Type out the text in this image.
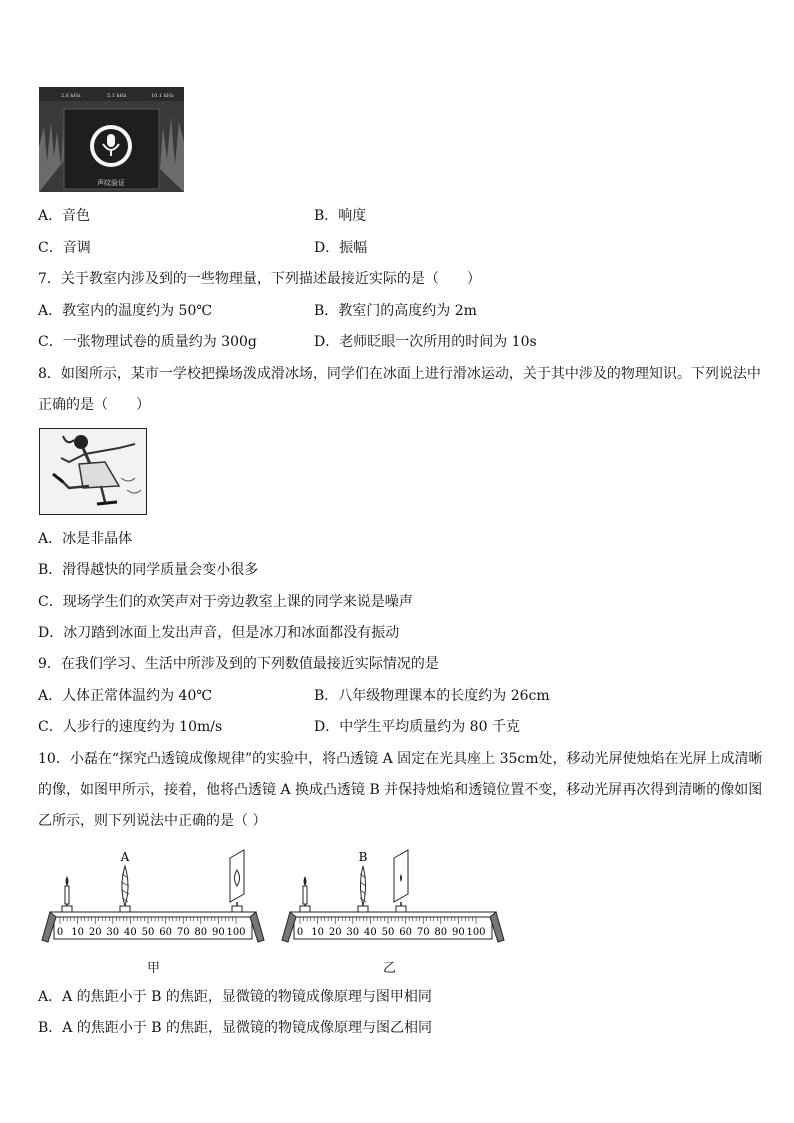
2.6 kHz	5.1 kHz	10.1 kHz
声纹验证
A．音色	B．响度
C．音调	D．振幅
7．关于教室内涉及到的一些物理量，下列描述最接近实际的是（　　）
A．教室内的温度约为 50℃	B．教室门的高度约为 2m
C．一张物理试卷的质量约为 300g	D．老师眨眼一次所用的时间为 10s
8．如图所示，某市一学校把操场泼成滑冰场，同学们在冰面上进行滑冰运动，关于其中涉及的物理知识。下列说法中
正确的是（　　）
A．冰是非晶体
B．滑得越快的同学质量会变小很多
C．现场学生们的欢笑声对于旁边教室上课的同学来说是噪声
D．冰刀踏到冰面上发出声音，但是冰刀和冰面都没有振动
9．在我们学习、生活中所涉及到的下列数值最接近实际情况的是
A．人体正常体温约为 40℃	B．八年级物理课本的长度约为 26cm
C．人步行的速度约为 10m/s	D．中学生平均质量约为 80 千克
10．小磊在“探究凸透镜成像规律”的实验中，将凸透镜 A 固定在光具座上 35cm处，移动光屏使烛焰在光屏上成清晰
的像，如图甲所示，接着，他将凸透镜 A 换成凸透镜 B 并保持烛焰和透镜位置不变，移动光屏再次得到清晰的像如图
乙所示，则下列说法中正确的是（ ）
A
0 10 20 30 40 50 60 70 80 90 100
甲
B
0 10 20 30 40 50 60 70 80 90 100
乙
A．A 的焦距小于 B 的焦距，显微镜的物镜成像原理与图甲相同
B．A 的焦距小于 B 的焦距，显微镜的物镜成像原理与图乙相同
